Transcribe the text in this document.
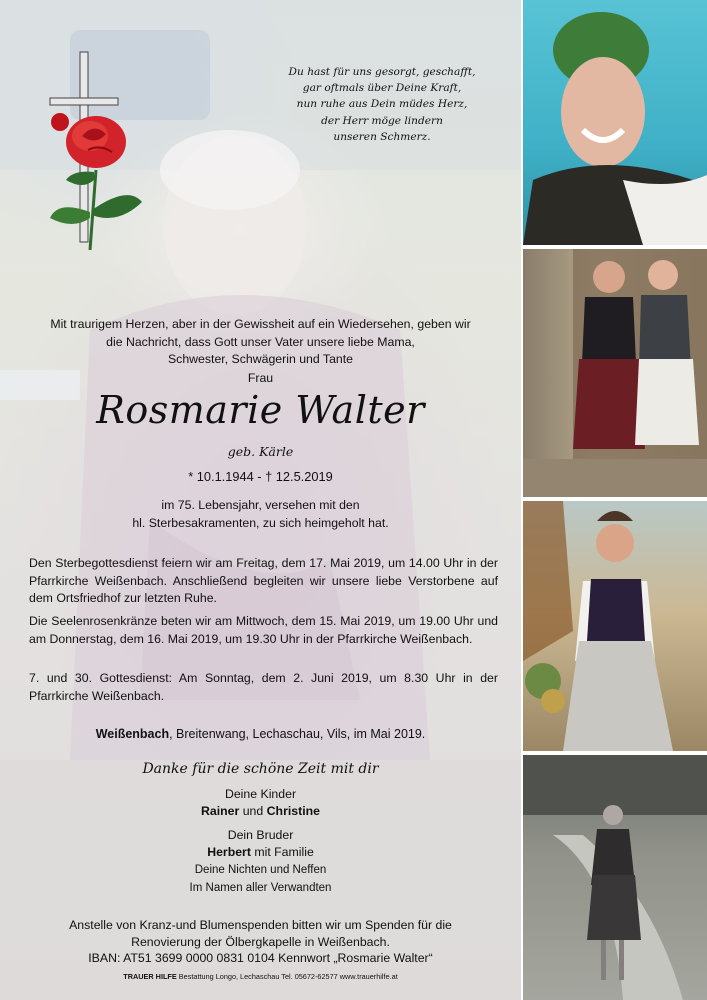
Du hast für uns gesorgt, geschafft,
gar oftmals über Deine Kraft,
nun ruhe aus Dein müdes Herz,
der Herr möge lindern
unseren Schmerz.
Mit traurigem Herzen, aber in der Gewissheit auf ein Wiedersehen, geben wir
die Nachricht, dass Gott unser Vater unsere liebe Mama,
Schwester, Schwägerin und Tante
Frau
Rosmarie Walter
geb. Kärle
* 10.1.1944 - † 12.5.2019
im 75. Lebensjahr, versehen mit den
hl. Sterbesakramenten, zu sich heimgeholt hat.
Den Sterbegottesdienst feiern wir am Freitag, dem 17. Mai 2019, um 14.00 Uhr in der Pfarrkirche Weißenbach. Anschließend begleiten wir unsere liebe Verstorbene auf dem Ortsfriedhof zur letzten Ruhe.
Die Seelenrosenkränze beten wir am Mittwoch, dem 15. Mai 2019, um 19.00 Uhr und am Donnerstag, dem 16. Mai 2019, um 19.30 Uhr in der Pfarrkirche Weißenbach.
7. und 30. Gottesdienst: Am Sonntag, dem 2. Juni 2019, um 8.30 Uhr in der Pfarrkirche Weißenbach.
Weißenbach, Breitenwang, Lechaschau, Vils, im Mai 2019.
Danke für die schöne Zeit mit dir
Deine Kinder
Rainer und Christine
Dein Bruder
Herbert mit Familie
Deine Nichten und Neffen
Im Namen aller Verwandten
Anstelle von Kranz-und Blumenspenden bitten wir um Spenden für die
Renovierung der Ölbergkapelle in Weißenbach.
IBAN: AT51 3699 0000 0831 0104 Kennwort „Rosmarie Walter“
TRAUER HILFE Bestattung Longo, Lechaschau Tel. 05672-62577 www.trauerhilfe.at
